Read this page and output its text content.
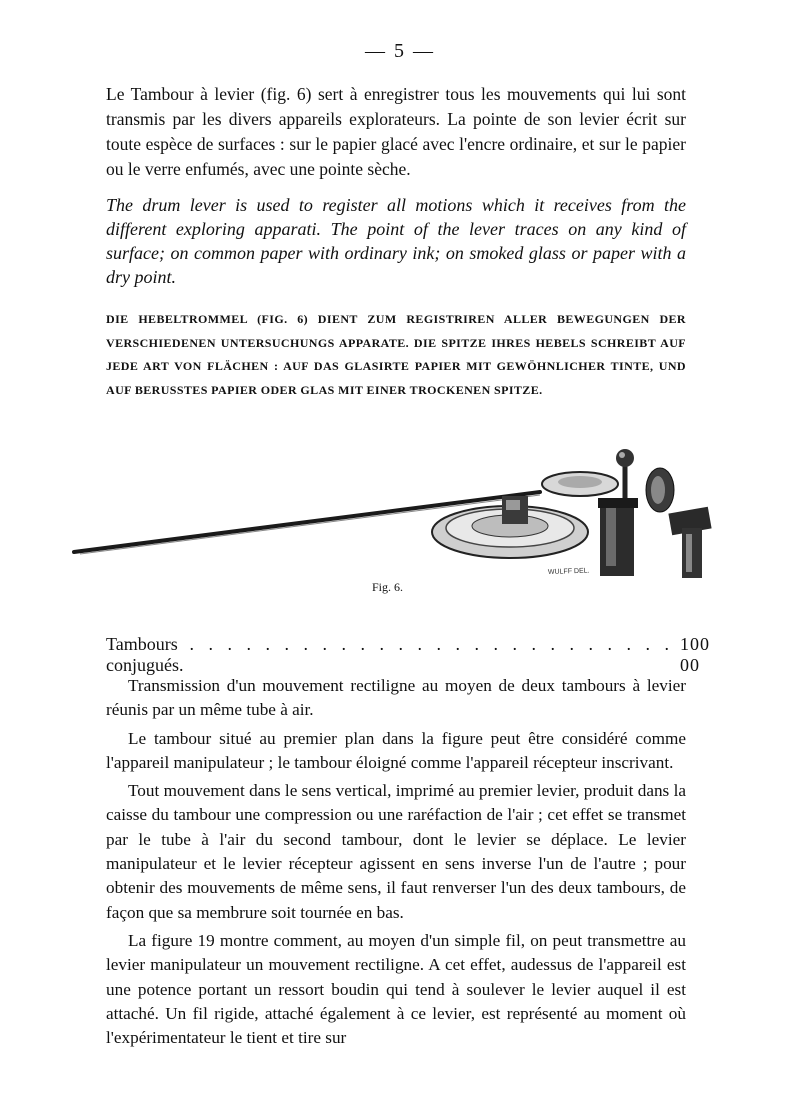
— 5 —

Le Tambour à levier (fig. 6) sert à enregistrer tous les mouvements qui lui sont transmis par les divers appareils explorateurs. La pointe de son levier écrit sur toute espèce de surfaces : sur le papier glacé avec l'encre ordinaire, et sur le papier ou le verre enfumés, avec une pointe sèche.

The drum lever is used to register all motions which it receives from the different exploring apparati. The point of the lever traces on any kind of surface; on common paper with ordinary ink; on smoked glass or paper with a dry point.

DIE HEBELTROMMEL (FIG. 6) DIENT ZUM REGISTRIREN ALLER BEWEGUNGEN DER VERSCHIEDENEN UNTERSUCHUNGS APPARATE. DIE SPITZE IHRES HEBELS SCHREIBT AUF JEDE ART VON FLÄCHEN : AUF DAS GLASIRTE PAPIER MIT GEWÖHNLICHER TINTE, UND AUF BERUSSTES PAPIER ODER GLAS MIT EINER TROCKENEN SPITZE.

WULFF DEL.
Fig. 6.
Tambours conjugués.
. . . . . . . . . . . . . . . . . . . . . . . . . . 100 00

Transmission d'un mouvement rectiligne au moyen de deux tambours à levier réunis par un même tube à air.

Le tambour situé au premier plan dans la figure peut être considéré comme l'appareil manipulateur ; le tambour éloigné comme l'appareil récepteur inscrivant.

Tout mouvement dans le sens vertical, imprimé au premier levier, produit dans la caisse du tambour une compression ou une raréfaction de l'air ; cet effet se transmet par le tube à l'air du second tambour, dont le levier se déplace. Le levier manipulateur et le levier récepteur agissent en sens inverse l'un de l'autre ; pour obtenir des mouvements de même sens, il faut renverser l'un des deux tambours, de façon que sa membrure soit tournée en bas.

La figure 19 montre comment, au moyen d'un simple fil, on peut transmettre au levier manipulateur un mouvement rectiligne. A cet effet, audessus de l'appareil est une potence portant un ressort boudin qui tend à soulever le levier auquel il est attaché. Un fil rigide, attaché également à ce levier, est représenté au moment où l'expérimentateur le tient et tire sur
